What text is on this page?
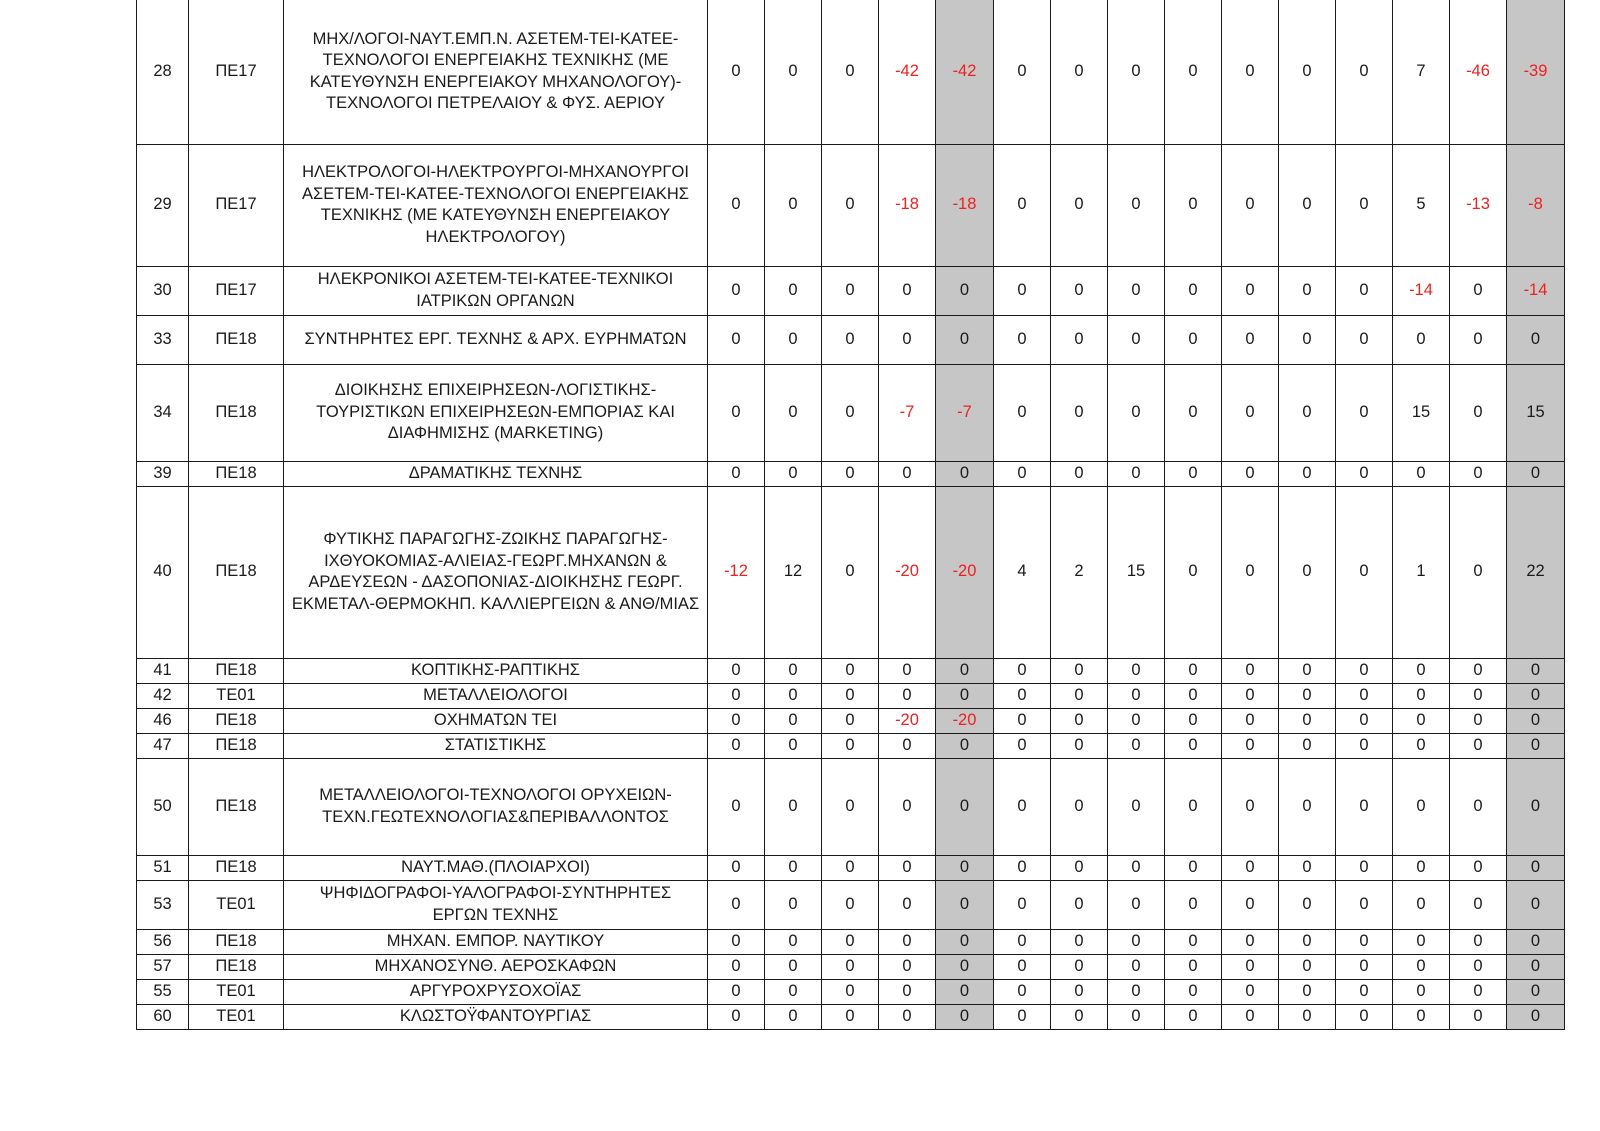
28	ΠΕ17	ΜΗΧ/ΛΟΓΟΙ-ΝΑΥΤ.ΕΜΠ.Ν. ΑΣΕΤΕΜ-ΤΕΙ-ΚΑΤΕΕ-ΤΕΧΝΟΛΟΓΟΙ ΕΝΕΡΓΕΙΑΚΗΣ ΤΕΧΝΙΚΗΣ (ΜΕ ΚΑΤΕΥΘΥΝΣΗ ΕΝΕΡΓΕΙΑΚΟΥ ΜΗΧΑΝΟΛΟΓΟΥ)-ΤΕΧΝΟΛΟΓΟΙ ΠΕΤΡΕΛΑΙΟΥ & ΦΥΣ. ΑΕΡΙΟΥ	0	0	0	-42	-42	0	0	0	0	0	0	0	7	-46	-39
29	ΠΕ17	ΗΛΕΚΤΡΟΛΟΓΟΙ-ΗΛΕΚΤΡΟΥΡΓΟΙ-ΜΗΧΑΝΟΥΡΓΟΙ ΑΣΕΤΕΜ-ΤΕΙ-ΚΑΤΕΕ-ΤΕΧΝΟΛΟΓΟΙ ΕΝΕΡΓΕΙΑΚΗΣ ΤΕΧΝΙΚΗΣ (ΜΕ ΚΑΤΕΥΘΥΝΣΗ ΕΝΕΡΓΕΙΑΚΟΥ ΗΛΕΚΤΡΟΛΟΓΟΥ)	0	0	0	-18	-18	0	0	0	0	0	0	0	5	-13	-8
30	ΠΕ17	ΗΛΕΚΡΟΝΙΚΟΙ ΑΣΕΤΕΜ-ΤΕΙ-ΚΑΤΕΕ-ΤΕΧΝΙΚΟΙ ΙΑΤΡΙΚΩΝ ΟΡΓΑΝΩΝ	0	0	0	0	0	0	0	0	0	0	0	0	-14	0	-14
33	ΠΕ18	ΣΥΝΤΗΡΗΤΕΣ ΕΡΓ. ΤΕΧΝΗΣ & ΑΡΧ. ΕΥΡΗΜΑΤΩΝ	0	0	0	0	0	0	0	0	0	0	0	0	0	0	0
34	ΠΕ18	ΔΙΟΙΚΗΣΗΣ ΕΠΙΧΕΙΡΗΣΕΩΝ-ΛΟΓΙΣΤΙΚΗΣ-ΤΟΥΡΙΣΤΙΚΩΝ ΕΠΙΧΕΙΡΗΣΕΩΝ-ΕΜΠΟΡΙΑΣ ΚΑΙ ΔΙΑΦΗΜΙΣΗΣ (MARKETING)	0	0	0	-7	-7	0	0	0	0	0	0	0	15	0	15
39	ΠΕ18	ΔΡΑΜΑΤΙΚΗΣ ΤΕΧΝΗΣ	0	0	0	0	0	0	0	0	0	0	0	0	0	0	0
40	ΠΕ18	ΦΥΤΙΚΗΣ ΠΑΡΑΓΩΓΗΣ-ΖΩΙΚΗΣ ΠΑΡΑΓΩΓΗΣ-ΙΧΘΥΟΚΟΜΙΑΣ-ΑΛΙΕΙΑΣ-ΓΕΩΡΓ.ΜΗΧΑΝΩΝ & ΑΡΔΕΥΣΕΩΝ - ΔΑΣΟΠΟΝΙΑΣ-ΔΙΟΙΚΗΣΗΣ ΓΕΩΡΓ. ΕΚΜΕΤΑΛ-ΘΕΡΜΟΚΗΠ. ΚΑΛΛΙΕΡΓΕΙΩΝ & ΑΝΘ/ΜΙΑΣ	-12	12	0	-20	-20	4	2	15	0	0	0	0	1	0	22
41	ΠΕ18	ΚΟΠΤΙΚΗΣ-ΡΑΠΤΙΚΗΣ	0	0	0	0	0	0	0	0	0	0	0	0	0	0	0
42	ΤΕ01	ΜΕΤΑΛΛΕΙΟΛΟΓΟΙ	0	0	0	0	0	0	0	0	0	0	0	0	0	0	0
46	ΠΕ18	ΟΧΗΜΑΤΩΝ ΤΕΙ	0	0	0	-20	-20	0	0	0	0	0	0	0	0	0	0
47	ΠΕ18	ΣΤΑΤΙΣΤΙΚΗΣ	0	0	0	0	0	0	0	0	0	0	0	0	0	0	0
50	ΠΕ18	ΜΕΤΑΛΛΕΙΟΛΟΓΟΙ-ΤΕΧΝΟΛΟΓΟΙ ΟΡΥΧΕΙΩΝ-ΤΕΧΝ.ΓΕΩΤΕΧΝΟΛΟΓΙΑΣ&ΠΕΡΙΒΑΛΛΟΝΤΟΣ	0	0	0	0	0	0	0	0	0	0	0	0	0	0	0
51	ΠΕ18	ΝΑΥΤ.ΜΑΘ.(ΠΛΟΙΑΡΧΟΙ)	0	0	0	0	0	0	0	0	0	0	0	0	0	0	0
53	ΤΕ01	ΨΗΦΙΔΟΓΡΑΦΟΙ-ΥΑΛΟΓΡΑΦΟΙ-ΣΥΝΤΗΡΗΤΕΣ ΕΡΓΩΝ ΤΕΧΝΗΣ	0	0	0	0	0	0	0	0	0	0	0	0	0	0	0
56	ΠΕ18	ΜΗΧΑΝ. ΕΜΠΟΡ. ΝΑΥΤΙΚΟΥ	0	0	0	0	0	0	0	0	0	0	0	0	0	0	0
57	ΠΕ18	ΜΗΧΑΝΟΣΥΝΘ. ΑΕΡΟΣΚΑΦΩΝ	0	0	0	0	0	0	0	0	0	0	0	0	0	0	0
55	ΤΕ01	ΑΡΓΥΡΟΧΡΥΣΟΧΟΪΑΣ	0	0	0	0	0	0	0	0	0	0	0	0	0	0	0
60	ΤΕ01	ΚΛΩΣΤΟΫΦΑΝΤΟΥΡΓΙΑΣ	0	0	0	0	0	0	0	0	0	0	0	0	0	0	0
